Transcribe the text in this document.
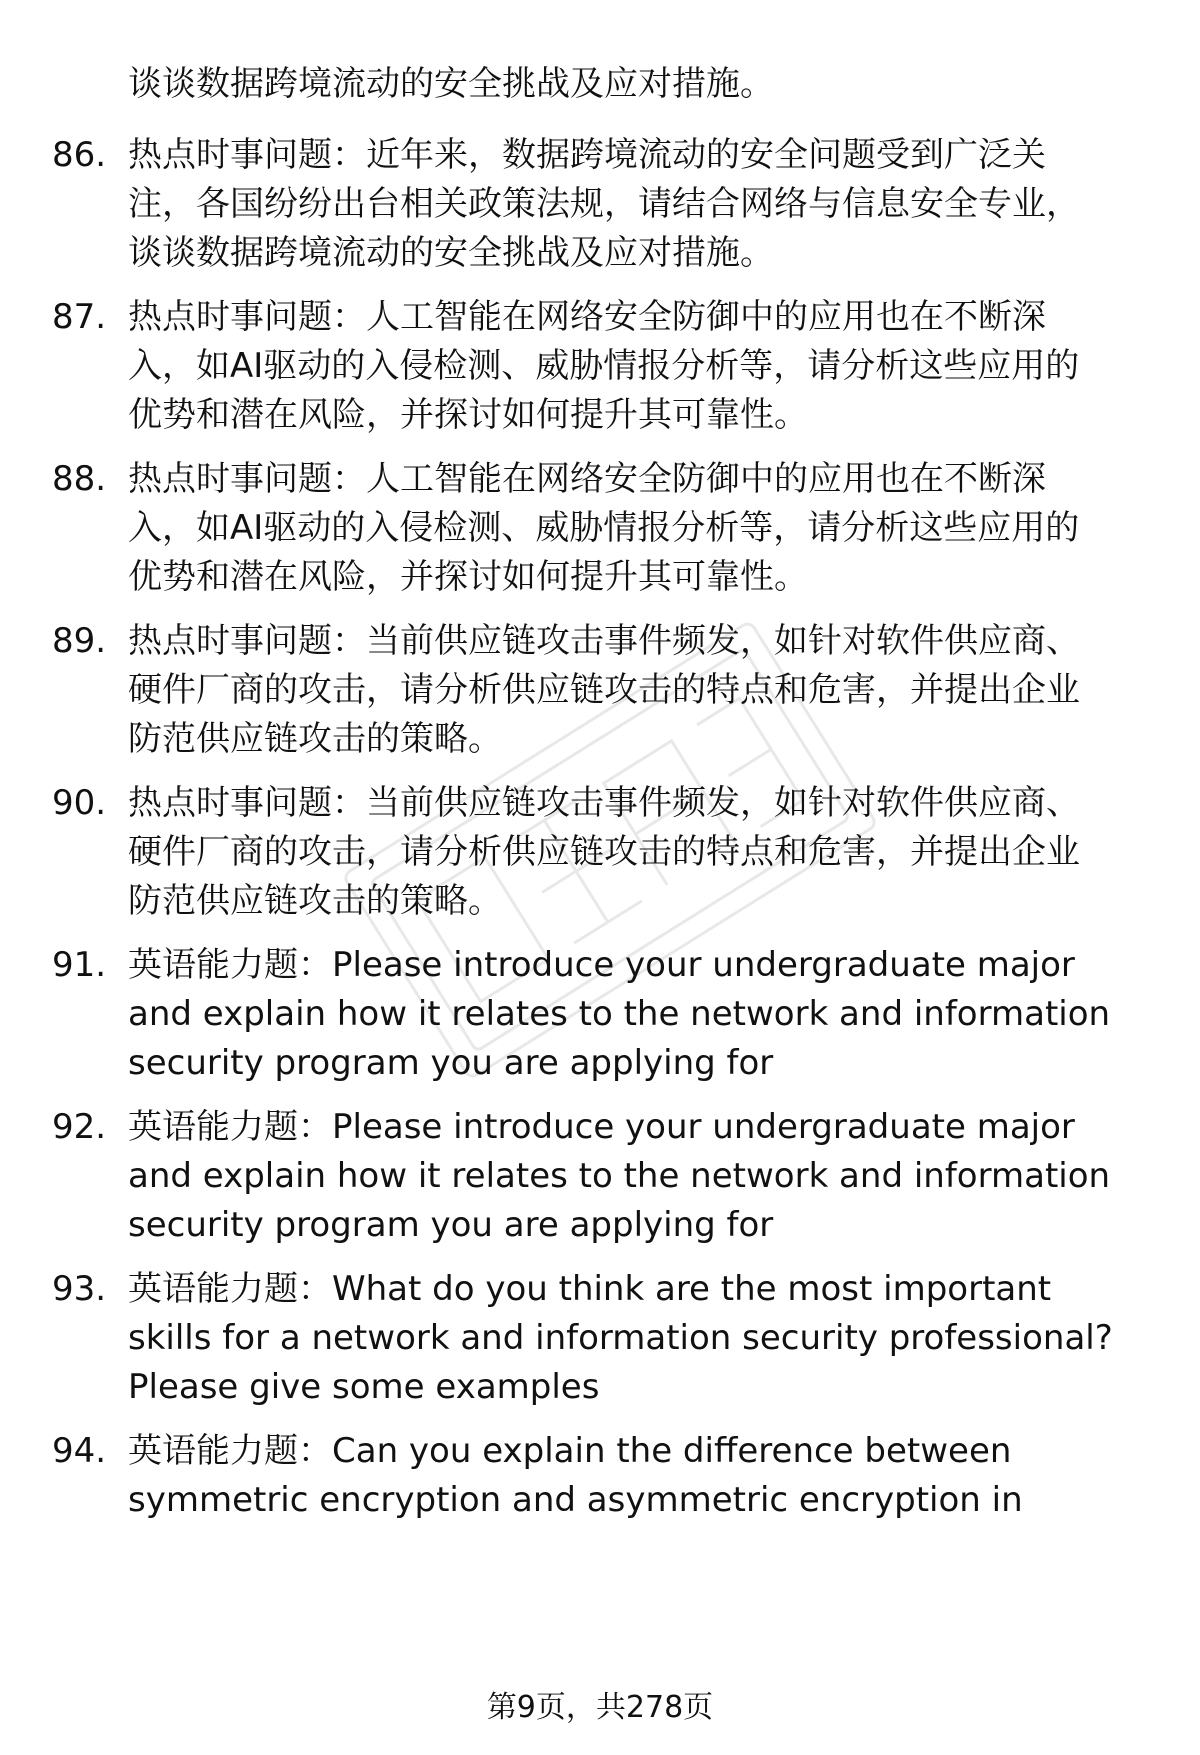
谈谈数据跨境流动的安全挑战及应对措施。
86. 热点时事问题：近年来，数据跨境流动的安全问题受到广泛关
注，各国纷纷出台相关政策法规，请结合网络与信息安全专业，
谈谈数据跨境流动的安全挑战及应对措施。
87. 热点时事问题：人工智能在网络安全防御中的应用也在不断深
入，如AI驱动的入侵检测、威胁情报分析等，请分析这些应用的
优势和潜在风险，并探讨如何提升其可靠性。
88. 热点时事问题：人工智能在网络安全防御中的应用也在不断深
入，如AI驱动的入侵检测、威胁情报分析等，请分析这些应用的
优势和潜在风险，并探讨如何提升其可靠性。
89. 热点时事问题：当前供应链攻击事件频发，如针对软件供应商、
硬件厂商的攻击，请分析供应链攻击的特点和危害，并提出企业
防范供应链攻击的策略。
90. 热点时事问题：当前供应链攻击事件频发，如针对软件供应商、
硬件厂商的攻击，请分析供应链攻击的特点和危害，并提出企业
防范供应链攻击的策略。
91. 英语能力题：Please introduce your undergraduate major
and explain how it relates to the network and information
security program you are applying for
92. 英语能力题：Please introduce your undergraduate major
and explain how it relates to the network and information
security program you are applying for
93. 英语能力题：What do you think are the most important
skills for a network and information security professional?
Please give some examples
94. 英语能力题：Can you explain the difference between
symmetric encryption and asymmetric encryption in
第9页，共278页
